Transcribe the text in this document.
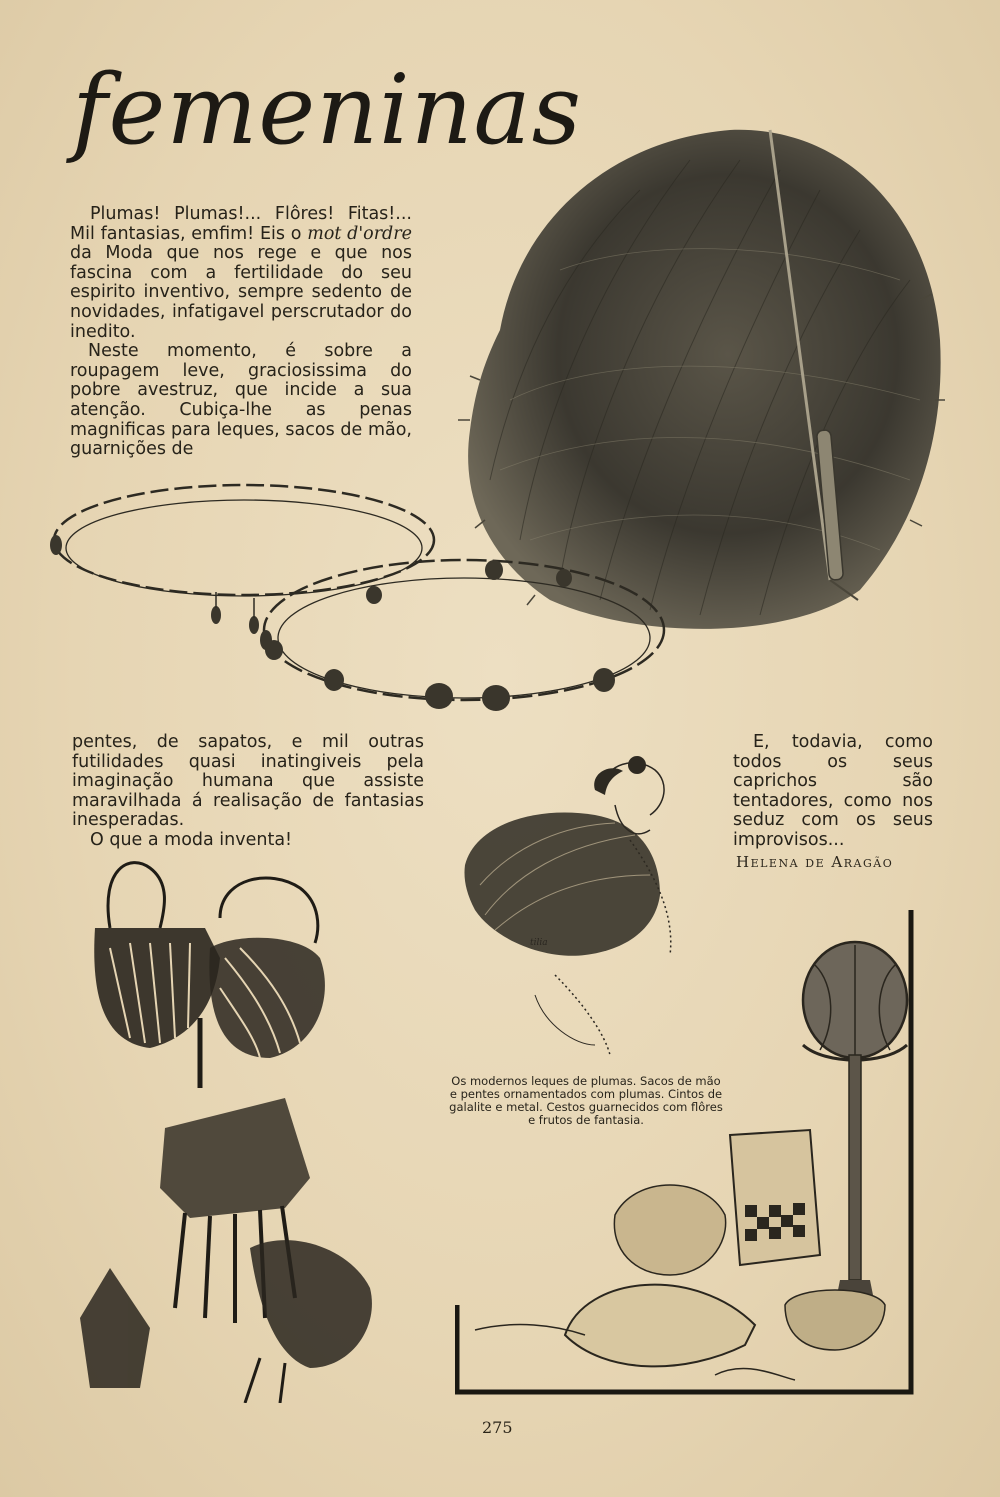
femeninas

Plumas! Plumas!... Flôres! Fitas!... Mil fantasias, emfim! Eis o mot d'ordre da Moda que nos rege e que nos fascina com a fertilidade do seu espirito inventivo, sempre sedento de novidades, infatigavel perscrutador do inedito.

Neste momento, é sobre a roupagem leve, graciosissima do pobre avestruz, que incide a sua atenção. Cubiça-lhe as penas magnificas para leques, sacos de mão, guarnições de

pentes, de sapatos, e mil outras futilidades quasi inatingiveis pela imaginação humana que assiste maravilhada á realisação de fantasias inesperadas.

O que a moda inventa!

E, todavia, como todos os seus caprichos são tentadores, como nos seduz com os seus improvisos...

Helena de Aragão
tilia
Os modernos leques de plumas. Sacos de mão e pentes ornamentados com plumas. Cintos de galalite e metal. Cestos guarnecidos com flôres e frutos de fantasia.
275
